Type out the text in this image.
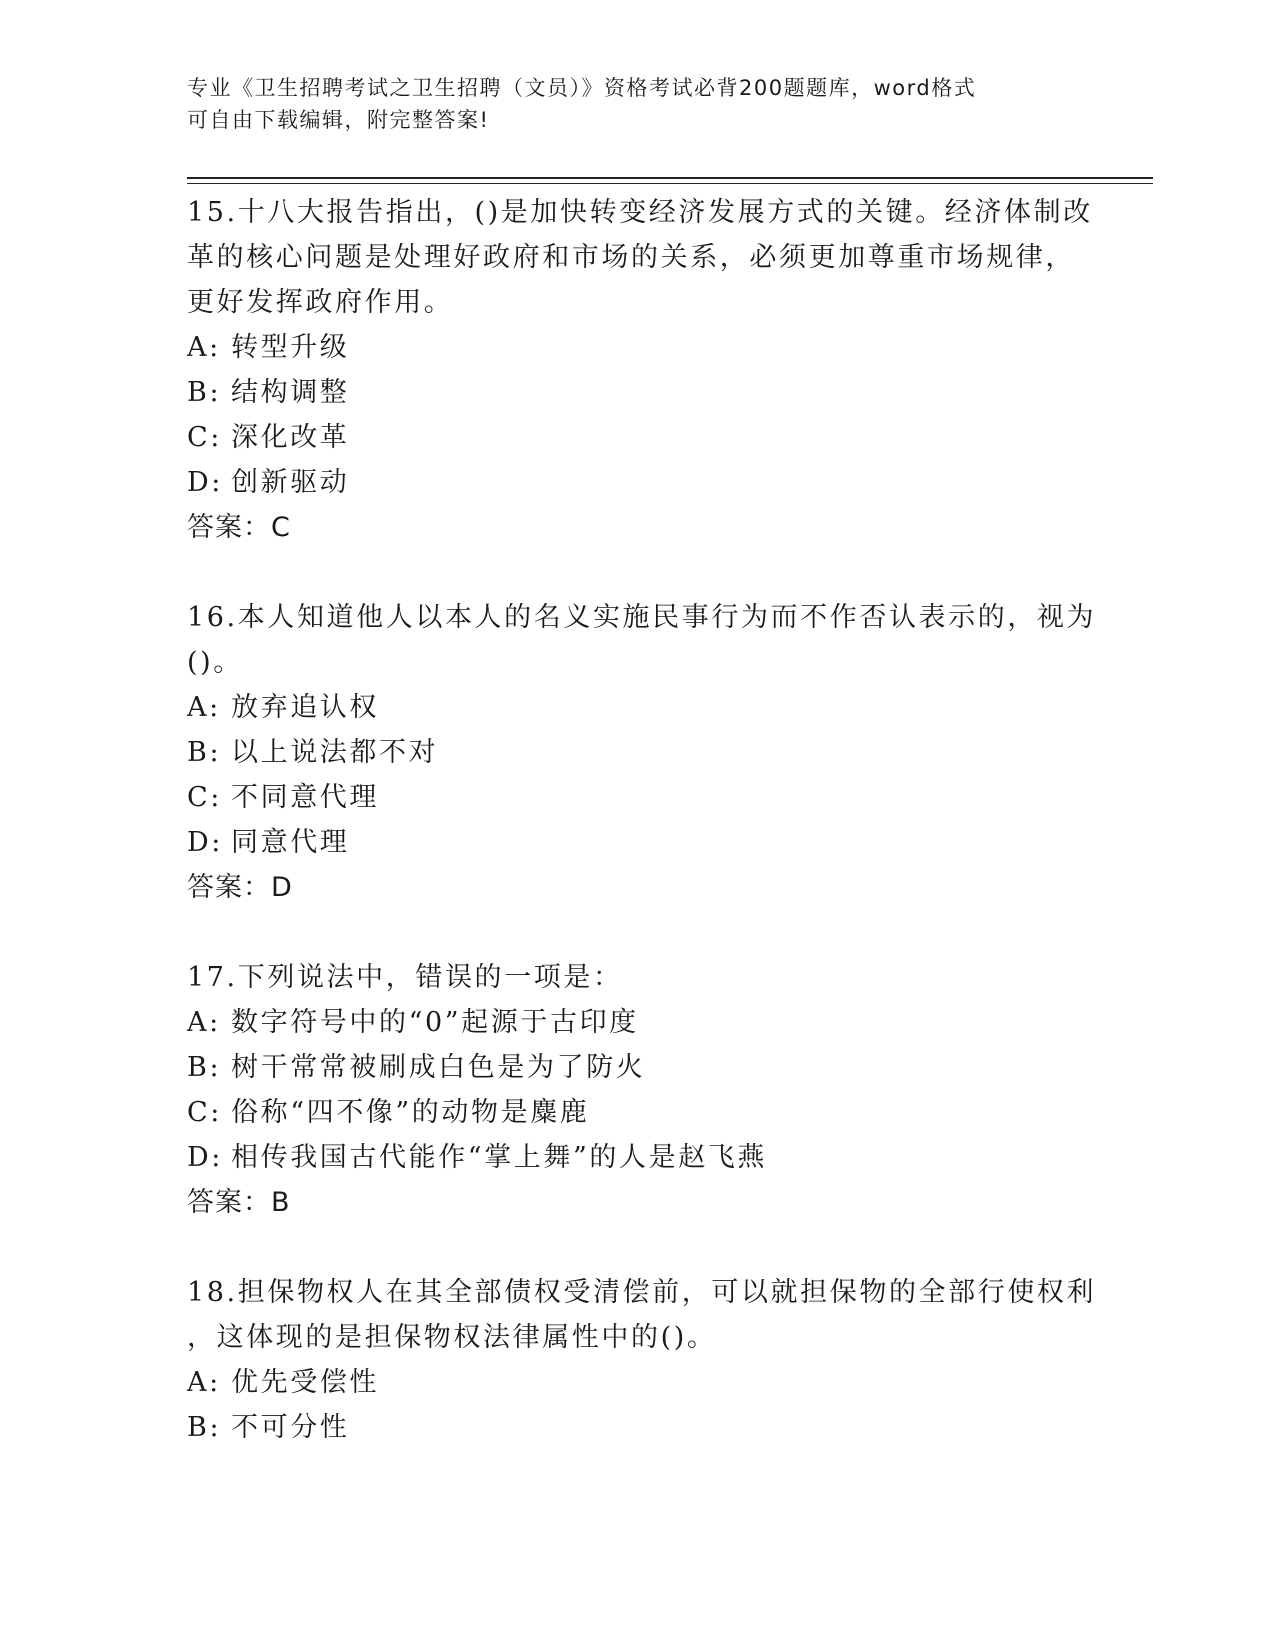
专业《卫生招聘考试之卫生招聘（文员）》资格考试必背200题题库，word格式
可自由下载编辑，附完整答案!
15.十八大报告指出，()是加快转变经济发展方式的关键。经济体制改
革的核心问题是处理好政府和市场的关系，必须更加尊重市场规律，
更好发挥政府作用。
A: 转型升级
B: 结构调整
C: 深化改革
D: 创新驱动
答案：C
16.本人知道他人以本人的名义实施民事行为而不作否认表示的，视为
()。
A: 放弃追认权
B: 以上说法都不对
C: 不同意代理
D: 同意代理
答案：D
17.下列说法中，错误的一项是：
A: 数字符号中的“0”起源于古印度
B: 树干常常被刷成白色是为了防火
C: 俗称“四不像”的动物是麋鹿
D: 相传我国古代能作“掌上舞”的人是赵飞燕
答案：B
18.担保物权人在其全部债权受清偿前，可以就担保物的全部行使权利
，这体现的是担保物权法律属性中的()。
A: 优先受偿性
B: 不可分性
